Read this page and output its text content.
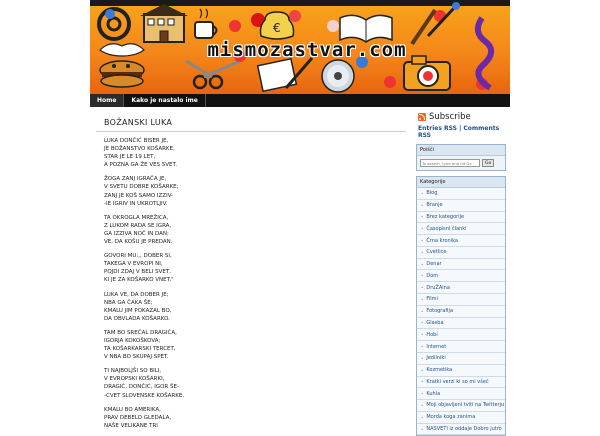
€
mismozastvar.com
Home	Kako je nastalo ime
BOŽANSKI LUKA
LUKA DONČIĆ BISER JE,
JE BOŽANSTVO KOŠARKE,
STAR JE LE 19 LET,
A POZNA GA ŽE VES SVET.
ŽOGA ZANJ IGRAČA JE,
V SVETU DOBRE KOŠARKE;
ZANJ JE KOŠ SAMO IZZIV-
-IE IGRIV IN UKROTLJIV.
TA OKROGLA MREŽICA,
Z LUKOM RADA SE IGRA,
GA IZZIVA NOČ IN DAN;
VE, DA KOŠU JE PREDAN.
GOVORI MU:,, DOBER SI,
TAKEGA V EVROPI NI,
POJDI ZDAJ V BELI SVET,
KI JE ZA KOŠARKO VNET."
LUKA VE, DA DOBER JE;
NBA GA ČAKA ŠE;
KMALU JIM POKAZAL BO,
DA OBVLADA KOŠARKO.
TAM BO SREČAL DRAGIĆA,
IGORJA KOKOŠKOVA;
TA KOŠARKARSKI TERCET,
V NBA BO SKUPAJ SPET.
TI NAJBOLJŠI SO BILI,
V EVROPSKI KOŠARKI,
DRAGIĆ, DONČIĆ, IGOR ŠE-
-CVET SLOVENSKE KOŠARKE.
KMALU BO AMERIKA,
PRAV DEBELO GLEDALA,
NAŠE VELIKANE TRI
Subscribe
Entries RSS | Comments RSS
Poišči
To search, type and hit Go
Go
Kategorije
• Blog
• Branje
• Brez kategorije
• Časopisni članki
• Črna kronika
• Cvetlice
• Denar
• Dom
• DruŽAina
• Filmi
• Fotografija
• Glasba
• Hobi
• Internet
• Jedilniki
• Kozmetika
• Kratki verzi ki so mi všeč
• Kuhla
• Moji objavljeni tviti na Twitterju
• Morda koga zanima
• NASVETI iz oddaje Dobro jutro
